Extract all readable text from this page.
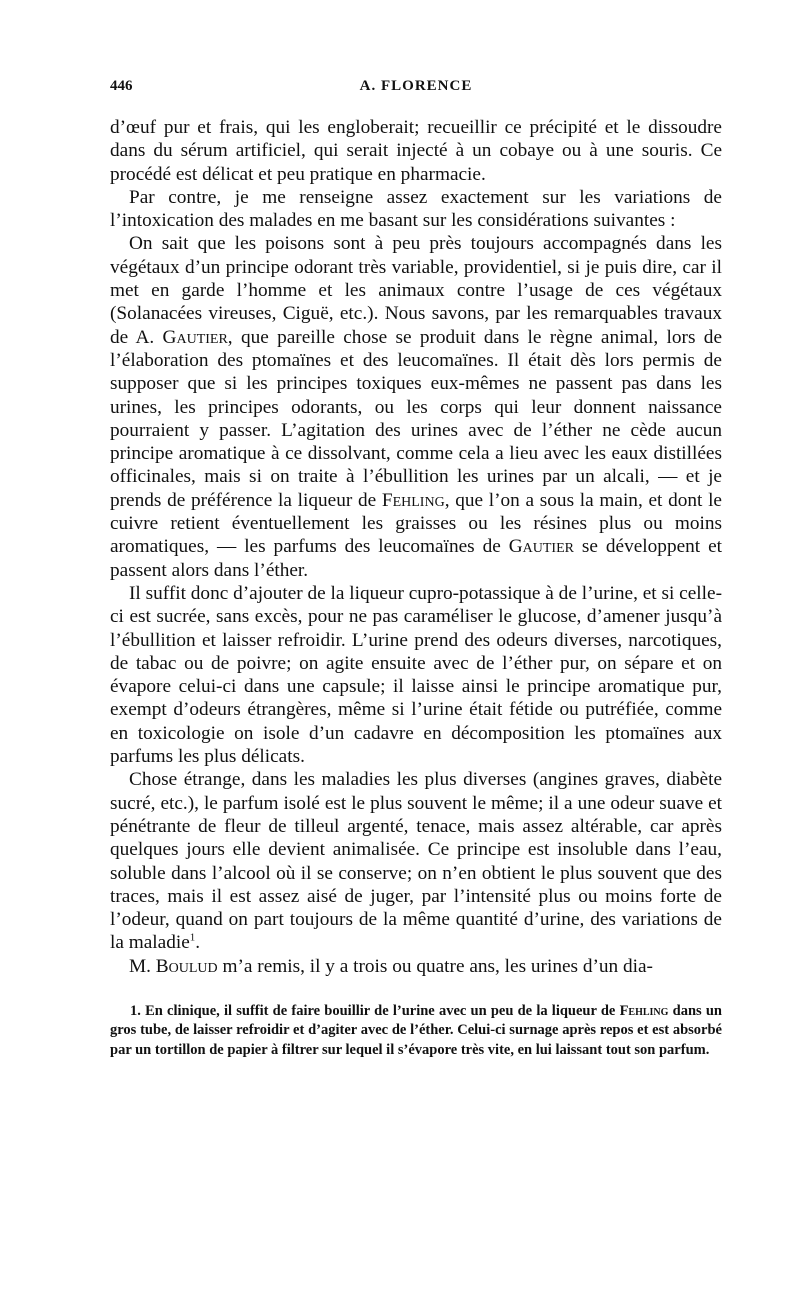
446	A. FLORENCE

d’œuf pur et frais, qui les engloberait; recueillir ce précipité et le dissoudre dans du sérum artificiel, qui serait injecté à un cobaye ou à une souris. Ce procédé est délicat et peu pratique en pharmacie.

Par contre, je me renseigne assez exactement sur les variations de l’intoxication des malades en me basant sur les considérations suivantes :

On sait que les poisons sont à peu près toujours accompagnés dans les végétaux d’un principe odorant très variable, providentiel, si je puis dire, car il met en garde l’homme et les animaux contre l’usage de ces végétaux (Solanacées vireuses, Ciguë, etc.). Nous savons, par les remarquables travaux de A. Gautier, que pareille chose se produit dans le règne animal, lors de l’élaboration des ptomaïnes et des leucomaïnes. Il était dès lors permis de supposer que si les principes toxiques eux-mêmes ne passent pas dans les urines, les principes odorants, ou les corps qui leur donnent naissance pourraient y passer. L’agitation des urines avec de l’éther ne cède aucun principe aromatique à ce dissolvant, comme cela a lieu avec les eaux distillées officinales, mais si on traite à l’ébullition les urines par un alcali, — et je prends de préférence la liqueur de Fehling, que l’on a sous la main, et dont le cuivre retient éventuellement les graisses ou les résines plus ou moins aromatiques, — les parfums des leucomaïnes de Gautier se développent et passent alors dans l’éther.

Il suffit donc d’ajouter de la liqueur cupro-potassique à de l’urine, et si celle-ci est sucrée, sans excès, pour ne pas caraméliser le glucose, d’amener jusqu’à l’ébullition et laisser refroidir. L’urine prend des odeurs diverses, narcotiques, de tabac ou de poivre; on agite ensuite avec de l’éther pur, on sépare et on évapore celui-ci dans une capsule; il laisse ainsi le principe aromatique pur, exempt d’odeurs étrangères, même si l’urine était fétide ou putréfiée, comme en toxicologie on isole d’un cadavre en décomposition les ptomaïnes aux parfums les plus délicats.

Chose étrange, dans les maladies les plus diverses (angines graves, diabète sucré, etc.), le parfum isolé est le plus souvent le même; il a une odeur suave et pénétrante de fleur de tilleul argenté, tenace, mais assez altérable, car après quelques jours elle devient animalisée. Ce principe est insoluble dans l’eau, soluble dans l’alcool où il se conserve; on n’en obtient le plus souvent que des traces, mais il est assez aisé de juger, par l’intensité plus ou moins forte de l’odeur, quand on part toujours de la même quantité d’urine, des variations de la maladie$^1$.

M. Boulud m’a remis, il y a trois ou quatre ans, les urines d’un dia-

1. En clinique, il suffit de faire bouillir de l’urine avec un peu de la liqueur de Fehling dans un gros tube, de laisser refroidir et d’agiter avec de l’éther. Celui-ci surnage après repos et est absorbé par un tortillon de papier à filtrer sur lequel il s’évapore très vite, en lui laissant tout son parfum.
